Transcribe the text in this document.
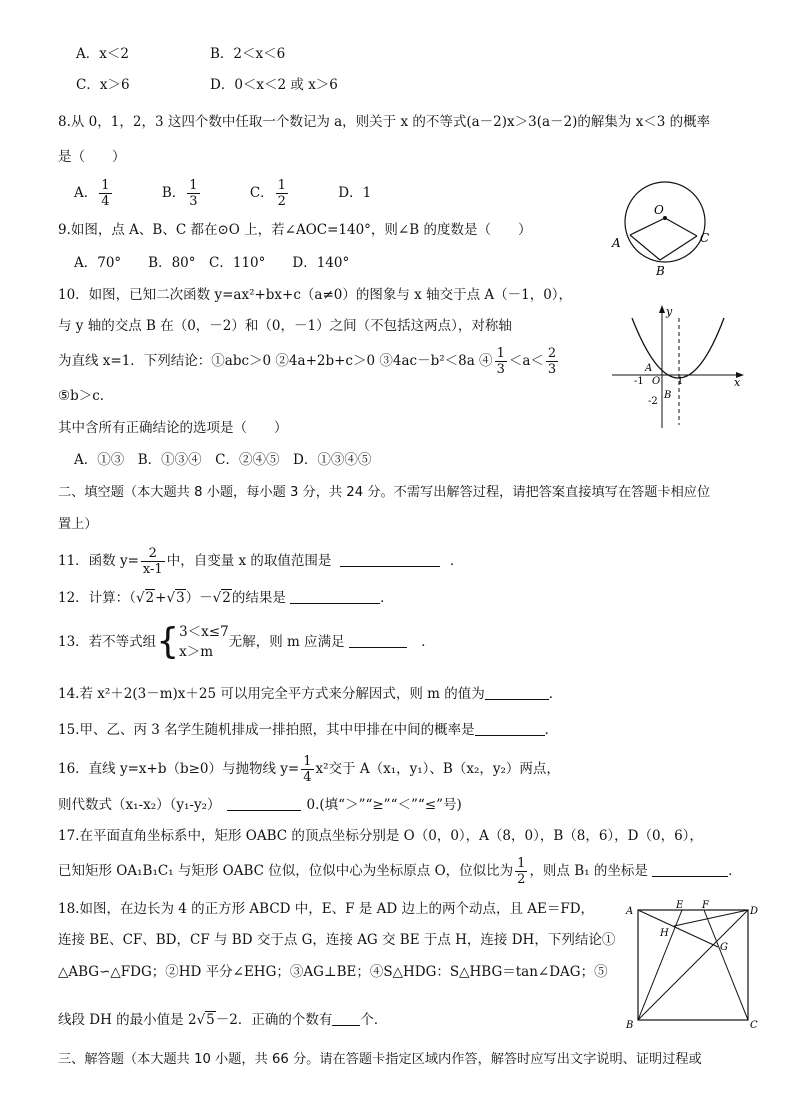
A．x＜2	B．2＜x＜6
C．x＞6	D．0＜x＜2 或 x＞6
8.从 0，1，2，3 这四个数中任取一个数记为 a，则关于 x 的不等式(a－2)x＞3(a－2)的解集为 x＜3 的概率
是（　　）
A． $\frac{1}{4}$	B． $\frac{1}{3}$	C． $\frac{1}{2}$	D．1
9.如图，点 A、B、C 都在⊙O 上，若∠AOC=140°，则∠B 的度数是（　　）
A．70°　　B．80°　C．110°　　D．140°
O
A
B
C
10．如图，已知二次函数 y=ax²+bx+c（a≠0）的图象与 x 轴交于点 A（－1，0），
与 y 轴的交点 B 在（0，－2）和（0，－1）之间（不包括这两点），对称轴
为直线 x=1．下列结论：①abc＞0 ②4a+2b+c＞0 ③4ac－b²＜8a ④ $\frac{1}{3} <a< \frac{2}{3}$
⑤b＞c．
其中含所有正确结论的选项是（　　）
A．①③　B．①③④　C．②④⑤　D．①③④⑤
y
x
A
-1 O 1
B
-2
二、填空题（本大题共 8 小题，每小题 3 分，共 24 分。不需写出解答过程，请把答案直接填写在答题卡相应位
置上）
11．函数 $y= \frac{2}{x-1}$ 中，自变量 x 的取值范围是	．
12．计算：（√2+√3）－√2的结果是	．
13．若不等式组{ 3＜x≤7
x＞m
无解，则 m 应满足	．
14.若 x²＋2(3－m)x＋25 可以用完全平方式来分解因式，则 m 的值为	．
15.甲、乙、丙 3 名学生随机排成一排拍照，其中甲排在中间的概率是	．
16．直线 y=x+b（b≥0）与抛物线 $y= \frac{1}{4} x^2$交于 A（x₁，y₁）、B（x₂，y₂）两点，
则代数式（x₁-x₂）（y₁-y₂）	0.(填“＞”“≥”“＜”“≤”号)
17.在平面直角坐标系中，矩形 OABC 的顶点坐标分别是 O（0，0），A（8，0），B（8，6），D（0，6），
已知矩形 OA₁B₁C₁ 与矩形 OABC 位似，位似中心为坐标原点 O，位似比为 $\frac{1}{2}$ ，则点 B₁ 的坐标是	．
18.如图，在边长为 4 的正方形 ABCD 中，E、F 是 AD 边上的两个动点，且 AE＝FD，
连接 BE、CF、BD，CF 与 BD 交于点 G，连接 AG 交 BE 于点 H，连接 DH，下列结论①
△ABG∽△FDG；②HD 平分∠EHG；③AG⊥BE；④S△HDG：S△HBG＝tan∠DAG；⑤
线段 DH 的最小值是 2√5－2．正确的个数有 个．
A
E F
D
H
G
B	C
三、解答题（本大题共 10 小题，共 66 分。请在答题卡指定区域内作答，解答时应写出文字说明、证明过程或
